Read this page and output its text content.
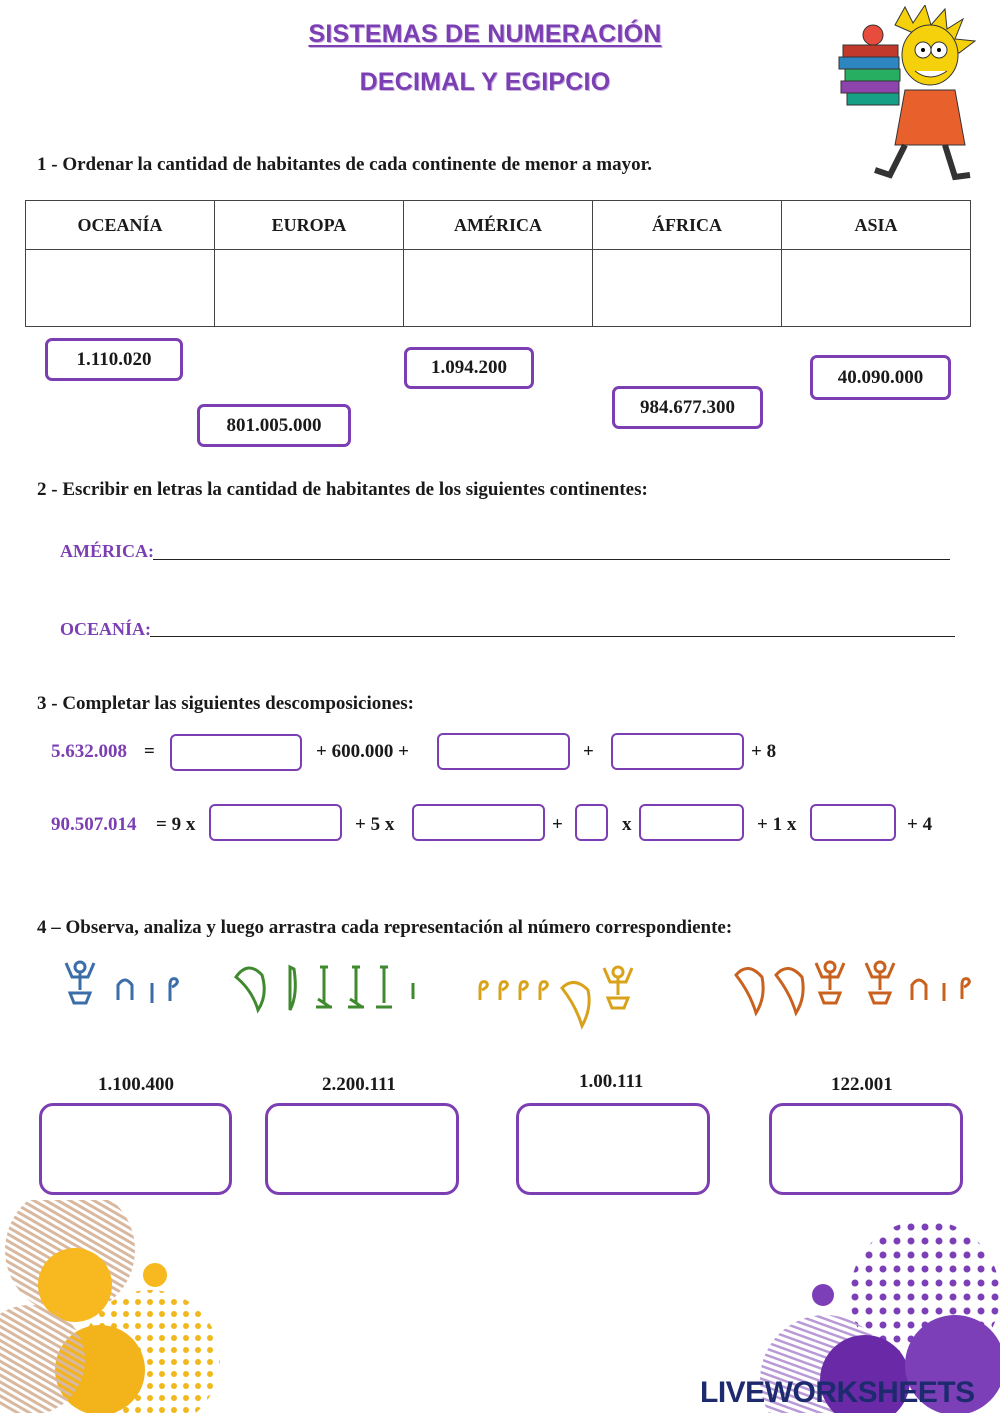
SISTEMAS DE NUMERACIÓN
DECIMAL Y EGIPCIO
1 - Ordenar la cantidad de habitantes de cada continente de menor a mayor.
OCEANÍA	EUROPA	AMÉRICA	ÁFRICA	ASIA

1.110.020
801.005.000
1.094.200
984.677.300
40.090.000
2 - Escribir en letras la cantidad de habitantes de los siguientes continentes:
AMÉRICA:
OCEANÍA:
3 - Completar las siguientes descomposiciones:
5.632.008 =	+ 600.000 +	+	+ 8
90.507.014 = 9 x	+ 5 x	+	x	+ 1 x	+ 4
4 – Observa, analiza y luego arrastra cada representación al número correspondiente:
1.100.400	2.200.111	1.00.111	122.001
LIVEWORKSHEETS
